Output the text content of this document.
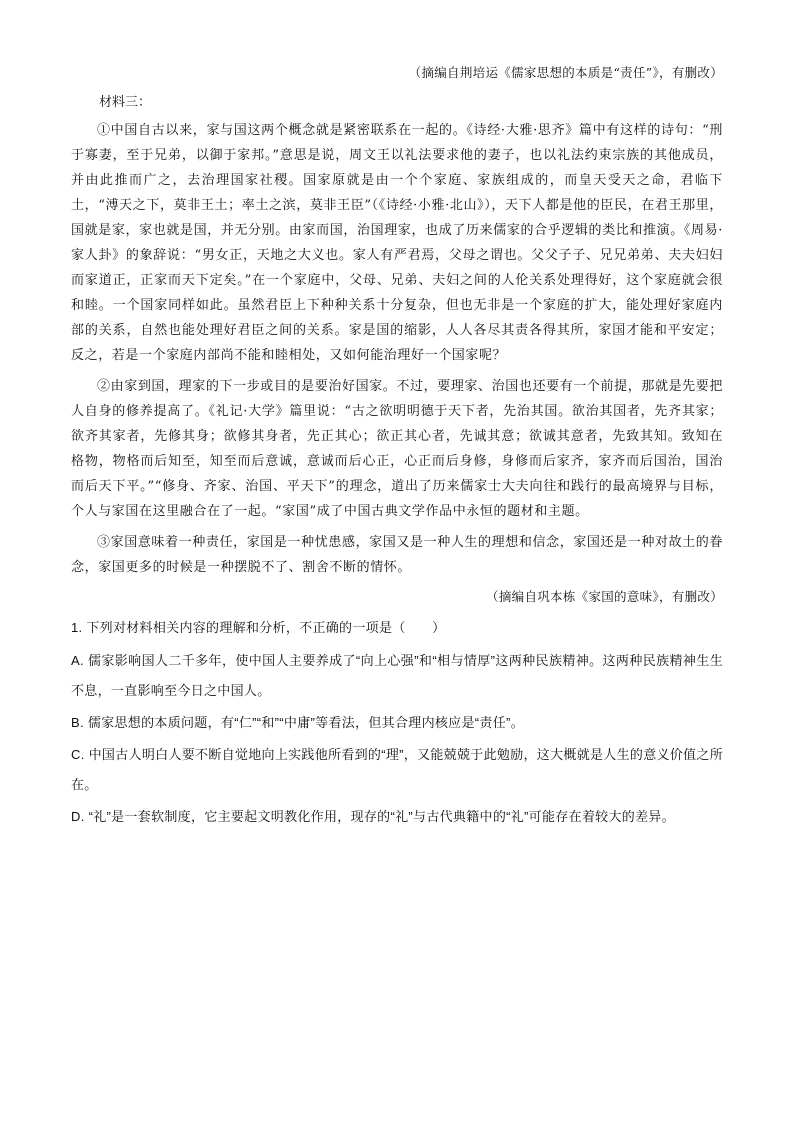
（摘编自荆培运《儒家思想的本质是“责任”》，有删改）

材料三：

①中国自古以来，家与国这两个概念就是紧密联系在一起的。《诗经·大雅·思齐》篇中有这样的诗句：“刑于寡妻，至于兄弟，以御于家邦。”意思是说，周文王以礼法要求他的妻子，也以礼法约束宗族的其他成员，并由此推而广之，去治理国家社稷。国家原就是由一个个家庭、家族组成的，而皇天受天之命，君临下土，“溥天之下，莫非王土；率土之滨，莫非王臣”（《诗经·小雅·北山》），天下人都是他的臣民，在君王那里，国就是家，家也就是国，并无分别。由家而国，治国理家，也成了历来儒家的合乎逻辑的类比和推演。《周易·家人卦》的象辞说：“男女正，天地之大义也。家人有严君焉，父母之谓也。父父子子、兄兄弟弟、夫夫妇妇而家道正，正家而天下定矣。”在一个家庭中，父母、兄弟、夫妇之间的人伦关系处理得好，这个家庭就会很和睦。一个国家同样如此。虽然君臣上下种种关系十分复杂，但也无非是一个家庭的扩大，能处理好家庭内部的关系，自然也能处理好君臣之间的关系。家是国的缩影，人人各尽其责各得其所，家国才能和平安定；反之，若是一个家庭内部尚不能和睦相处，又如何能治理好一个国家呢？

②由家到国，理家的下一步或目的是要治好国家。不过，要理家、治国也还要有一个前提，那就是先要把人自身的修养提高了。《礼记·大学》篇里说：“古之欲明明德于天下者，先治其国。欲治其国者，先齐其家；欲齐其家者，先修其身；欲修其身者，先正其心；欲正其心者，先诚其意；欲诚其意者，先致其知。致知在格物，物格而后知至，知至而后意诚，意诚而后心正，心正而后身修，身修而后家齐，家齐而后国治，国治而后天下平。”“修身、齐家、治国、平天下”的理念，道出了历来儒家士大夫向往和践行的最高境界与目标，个人与家国在这里融合在了一起。“家国”成了中国古典文学作品中永恒的题材和主题。

③家国意味着一种责任，家国是一种忧患感，家国又是一种人生的理想和信念，家国还是一种对故土的眷念，家国更多的时候是一种摆脱不了、割舍不断的情怀。

（摘编自巩本栋《家国的意味》，有删改）

1. 下列对材料相关内容的理解和分析，不正确的一项是（　　）

A. 儒家影响国人二千多年，使中国人主要养成了“向上心强”和“相与情厚”这两种民族精神。这两种民族精神生生不息，一直影响至今日之中国人。

B. 儒家思想的本质问题，有“仁”“和”“中庸”等看法，但其合理内核应是“责任”。

C. 中国古人明白人要不断自觉地向上实践他所看到的“理”，又能兢兢于此勉励，这大概就是人生的意义价值之所在。

D. “礼”是一套软制度，它主要起文明教化作用，现存的“礼”与古代典籍中的“礼”可能存在着较大的差异。
